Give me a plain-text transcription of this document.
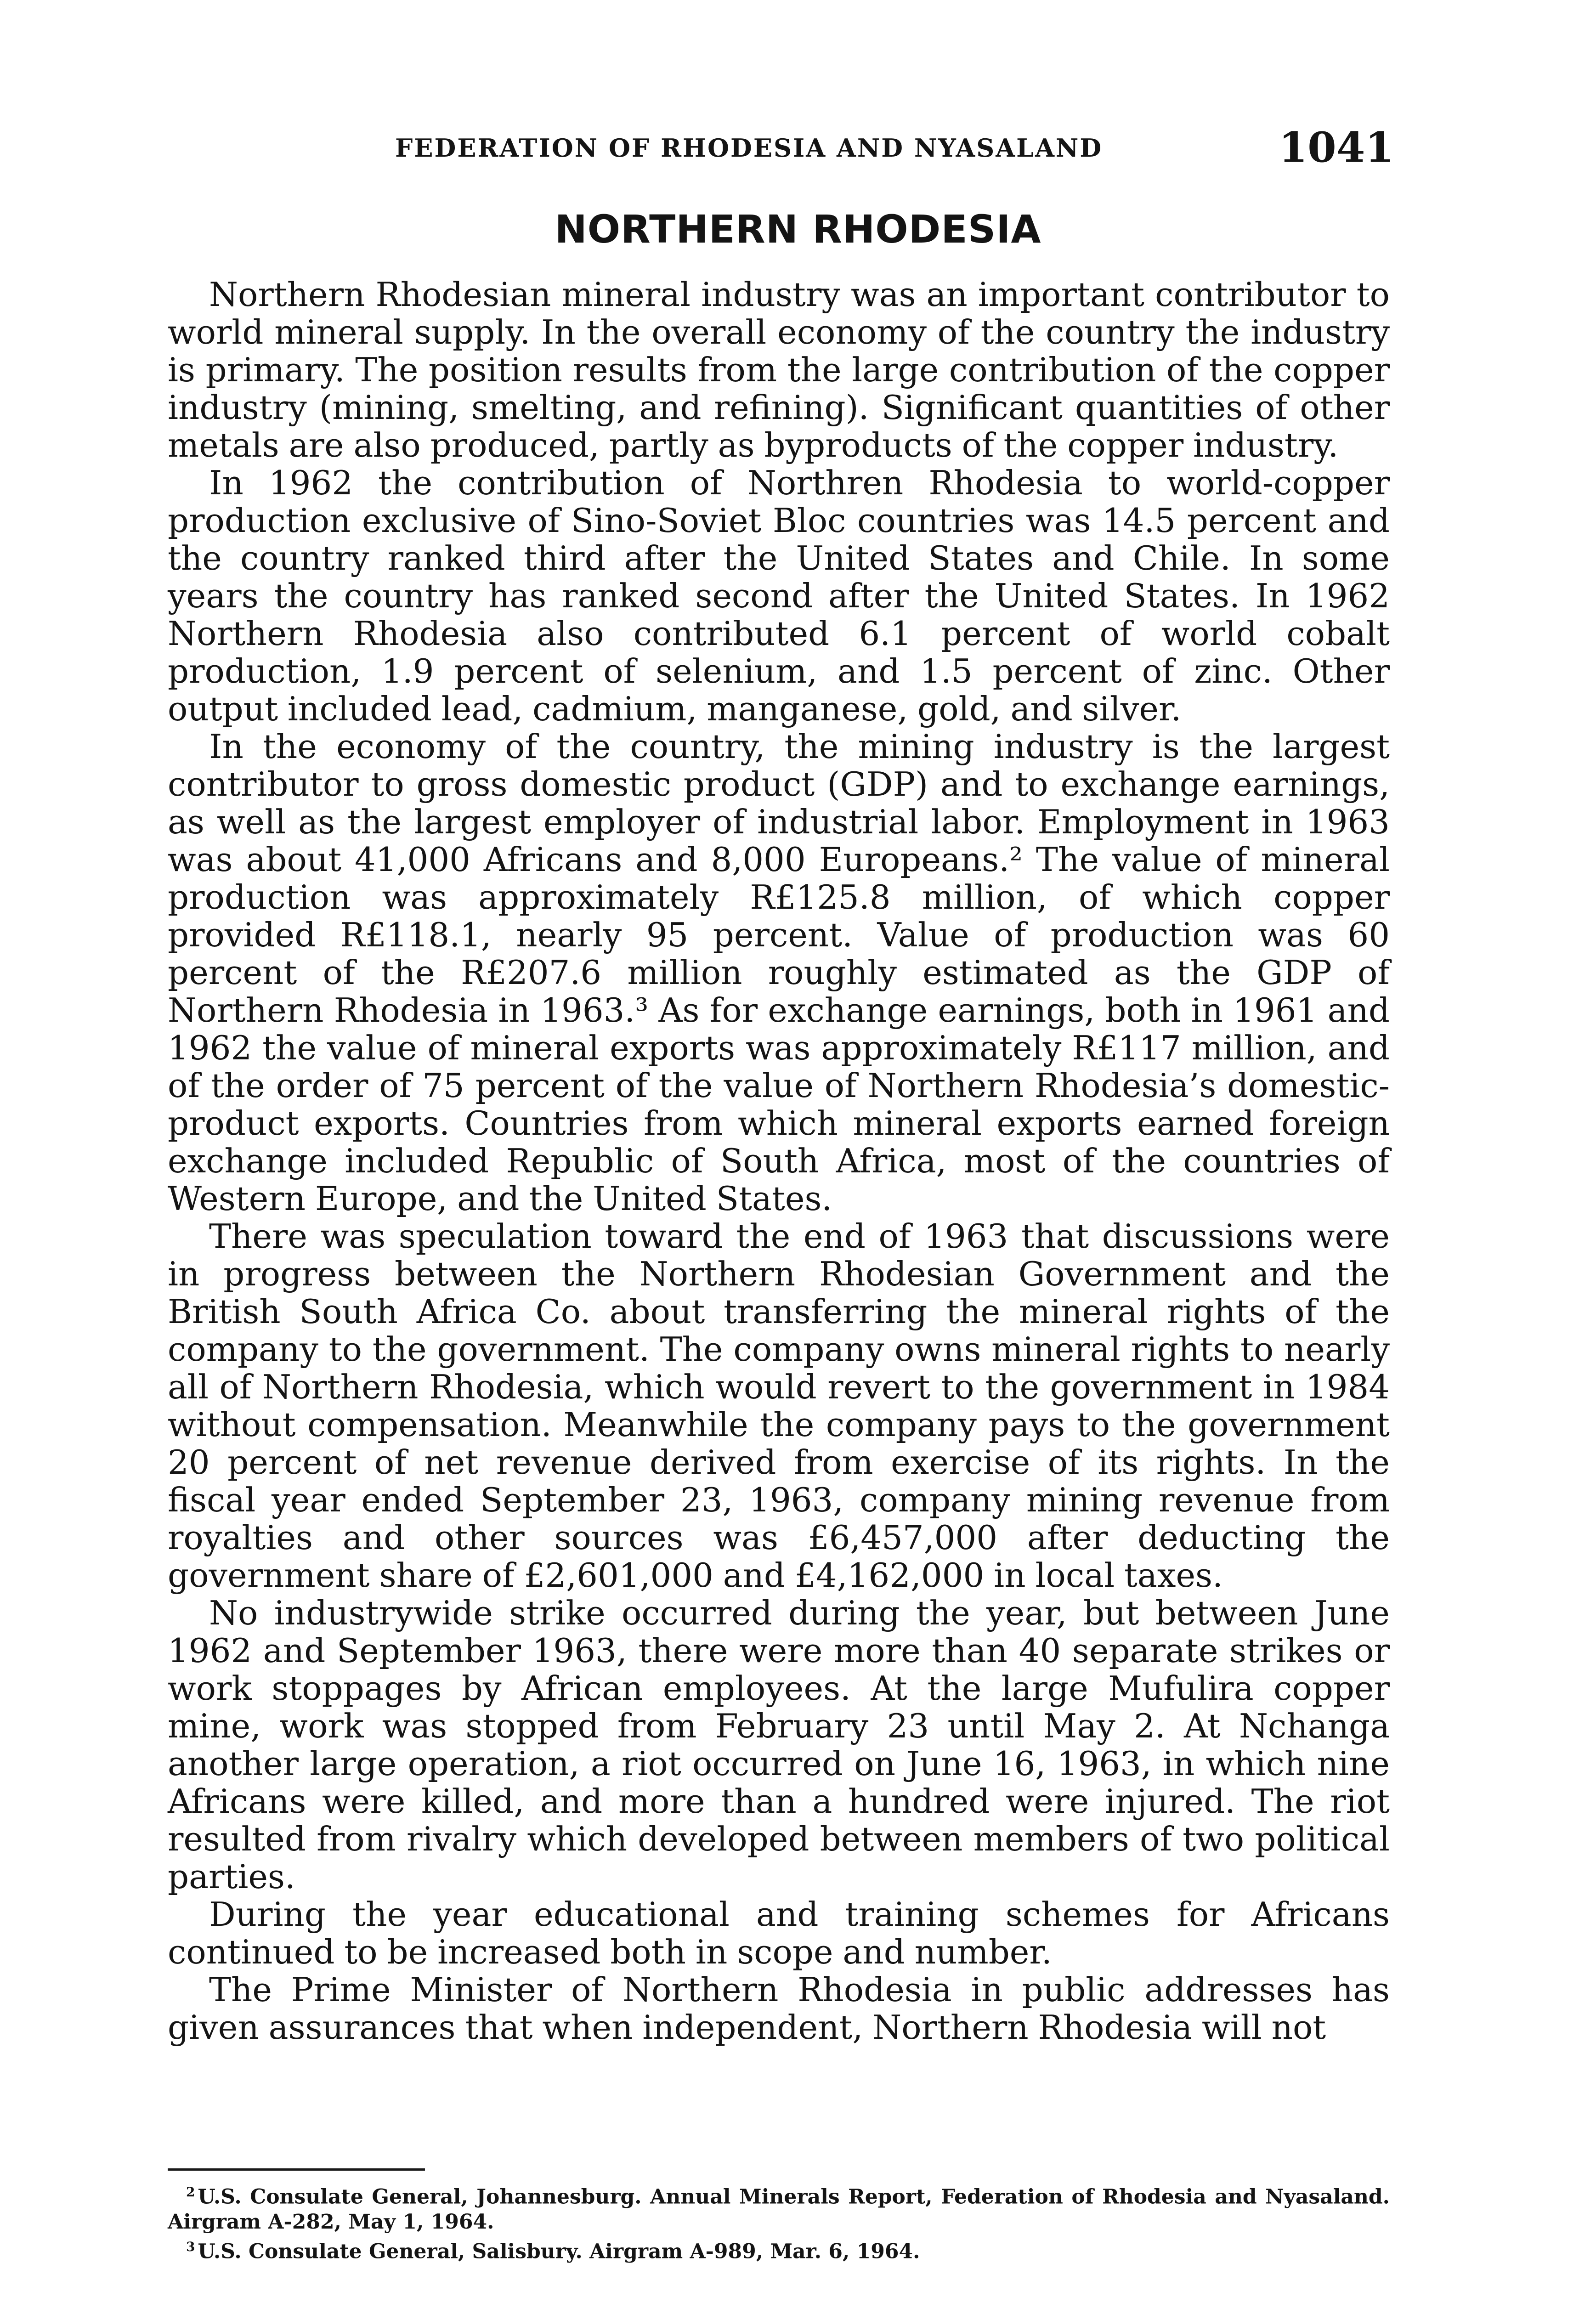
FEDERATION OF RHODESIA AND NYASALAND	1041
NORTHERN RHODESIA

Northern Rhodesian mineral industry was an important contributor to world mineral supply. In the overall economy of the country the industry is primary. The position results from the large contribution of the copper industry (mining, smelting, and refining). Significant quantities of other metals are also produced, partly as byproducts of the copper industry.

In 1962 the contribution of Northren Rhodesia to world-copper production exclusive of Sino-Soviet Bloc countries was 14.5 percent and the country ranked third after the United States and Chile. In some years the country has ranked second after the United States. In 1962 Northern Rhodesia also contributed 6.1 percent of world cobalt production, 1.9 percent of selenium, and 1.5 percent of zinc. Other output included lead, cadmium, manganese, gold, and silver.

In the economy of the country, the mining industry is the largest contributor to gross domestic product (GDP) and to exchange earnings, as well as the largest employer of industrial labor. Employment in 1963 was about 41,000 Africans and 8,000 Europeans.² The value of mineral production was approximately R£125.8 million, of which copper provided R£118.1, nearly 95 percent. Value of production was 60 percent of the R£207.6 million roughly estimated as the GDP of Northern Rhodesia in 1963.³ As for exchange earnings, both in 1961 and 1962 the value of mineral exports was approximately R£117 million, and of the order of 75 percent of the value of Northern Rhodesia’s domestic-product exports. Countries from which mineral exports earned foreign exchange included Republic of South Africa, most of the countries of Western Europe, and the United States.

There was speculation toward the end of 1963 that discussions were in progress between the Northern Rhodesian Government and the British South Africa Co. about transferring the mineral rights of the company to the government. The company owns mineral rights to nearly all of Northern Rhodesia, which would revert to the government in 1984 without compensation. Meanwhile the company pays to the government 20 percent of net revenue derived from exercise of its rights. In the fiscal year ended September 23, 1963, company mining revenue from royalties and other sources was £6,457,000 after deducting the government share of £2,601,000 and £4,162,000 in local taxes.

No industrywide strike occurred during the year, but between June 1962 and September 1963, there were more than 40 separate strikes or work stoppages by African employees. At the large Mufulira copper mine, work was stopped from February 23 until May 2. At Nchanga another large operation, a riot occurred on June 16, 1963, in which nine Africans were killed, and more than a hundred were injured. The riot resulted from rivalry which developed between members of two political parties.

During the year educational and training schemes for Africans continued to be increased both in scope and number.

The Prime Minister of Northern Rhodesia in public addresses has given assurances that when independent, Northern Rhodesia will not

$^2$ U.S. Consulate General, Johannesburg. Annual Minerals Report, Federation of Rhodesia and Nyasaland. Airgram A-282, May 1, 1964.

$^3$ U.S. Consulate General, Salisbury. Airgram A-989, Mar. 6, 1964.
